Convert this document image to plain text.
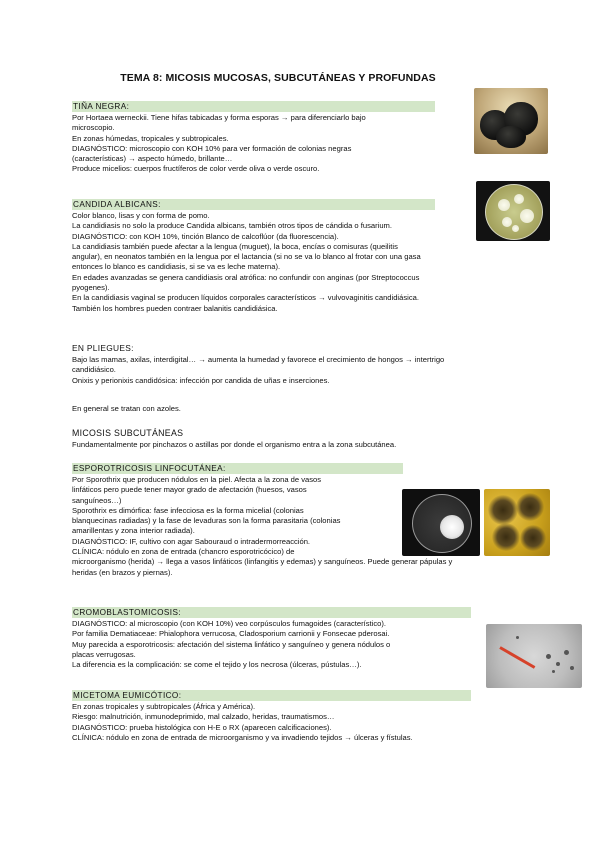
TEMA 8: MICOSIS MUCOSAS, SUBCUTÁNEAS Y PROFUNDAS
TIÑA NEGRA:
Por Hortaea werneckii. Tiene hifas tabicadas y forma esporas → para diferenciarlo bajo
microscopio.
En zonas húmedas, tropicales y subtropicales.
DIAGNÓSTICO: microscopio con KOH 10% para ver formación de colonias negras
(características) → aspecto húmedo, brillante…
Produce micelios: cuerpos fructíferos de color verde oliva o verde oscuro.
CANDIDA ALBICANS:
Color blanco, lisas y con forma de pomo.
La candidiasis no solo la produce Candida albicans, también otros tipos de cándida o fusarium.
DIAGNÓSTICO: con KOH 10%, tinción Blanco de calcoflúor (da fluorescencia).
La candidiasis también puede afectar a la lengua (muguet), la boca, encías o comisuras (queilitis
angular), en neonatos también en la lengua por el lactancia (si no se va lo blanco al frotar con una gasa
entonces lo blanco es candidiasis, si se va es leche materna).
En edades avanzadas se genera candidiasis oral atrófica: no confundir con anginas (por Streptococcus
pyogenes).
En la candidiasis vaginal se producen líquidos corporales característicos → vulvovaginitis candidiásica.
También los hombres pueden contraer balanitis candidiásica.
EN PLIEGUES:
Bajo las mamas, axilas, interdigital… → aumenta la humedad y favorece el crecimiento de hongos → intertrigo
candidiásico.
Onixis y perionixis candidósica: infección por candida de uñas e inserciones.
En general se tratan con azoles.
MICOSIS SUBCUTÁNEAS
Fundamentalmente por pinchazos o astillas por donde el organismo entra a la zona subcutánea.
ESPOROTRICOSIS LINFOCUTÁNEA:
Por Sporothrix que producen nódulos en la piel. Afecta a la zona de vasos
linfáticos pero puede tener mayor grado de afectación (huesos, vasos
sanguíneos…)
Sporothrix es dimórfica: fase infecciosa es la forma micelial (colonias
blanquecinas radiadas) y la fase de levaduras son la forma parasitaria (colonias
amarillentas y zona interior radiada).
DIAGNÓSTICO: IF, cultivo con agar Sabouraud o intradermorreacción.
CLÍNICA: nódulo en zona de entrada (chancro esporotricócico) de
microorganismo (herida) → llega a vasos linfáticos (linfangitis y edemas) y sanguíneos. Puede generar pápulas y
heridas (en brazos y piernas).
CROMOBLASTOMICOSIS:
DIAGNÓSTICO: al microscopio (con KOH 10%) veo corpúsculos fumagoides (característico).
Por familia Dematiaceae: Phialophora verrucosa, Cladosporium carrionii y Fonsecae pderosai.
Muy parecida a esporotricosis: afectación del sistema linfático y sanguíneo y genera nódulos o
placas verrugosas.
La diferencia es la complicación: se come el tejido y los necrosa (úlceras, pústulas…).
MICETOMA EUMICÓTICO:
En zonas tropicales y subtropicales (África y América).
Riesgo: malnutrición, inmunodeprimido, mal calzado, heridas, traumatismos…
DIAGNÓSTICO: prueba histológica con H-E o RX (aparecen calcificaciones).
CLÍNICA: nódulo en zona de entrada de microorganismo y va invadiendo tejidos → úlceras y fístulas.
